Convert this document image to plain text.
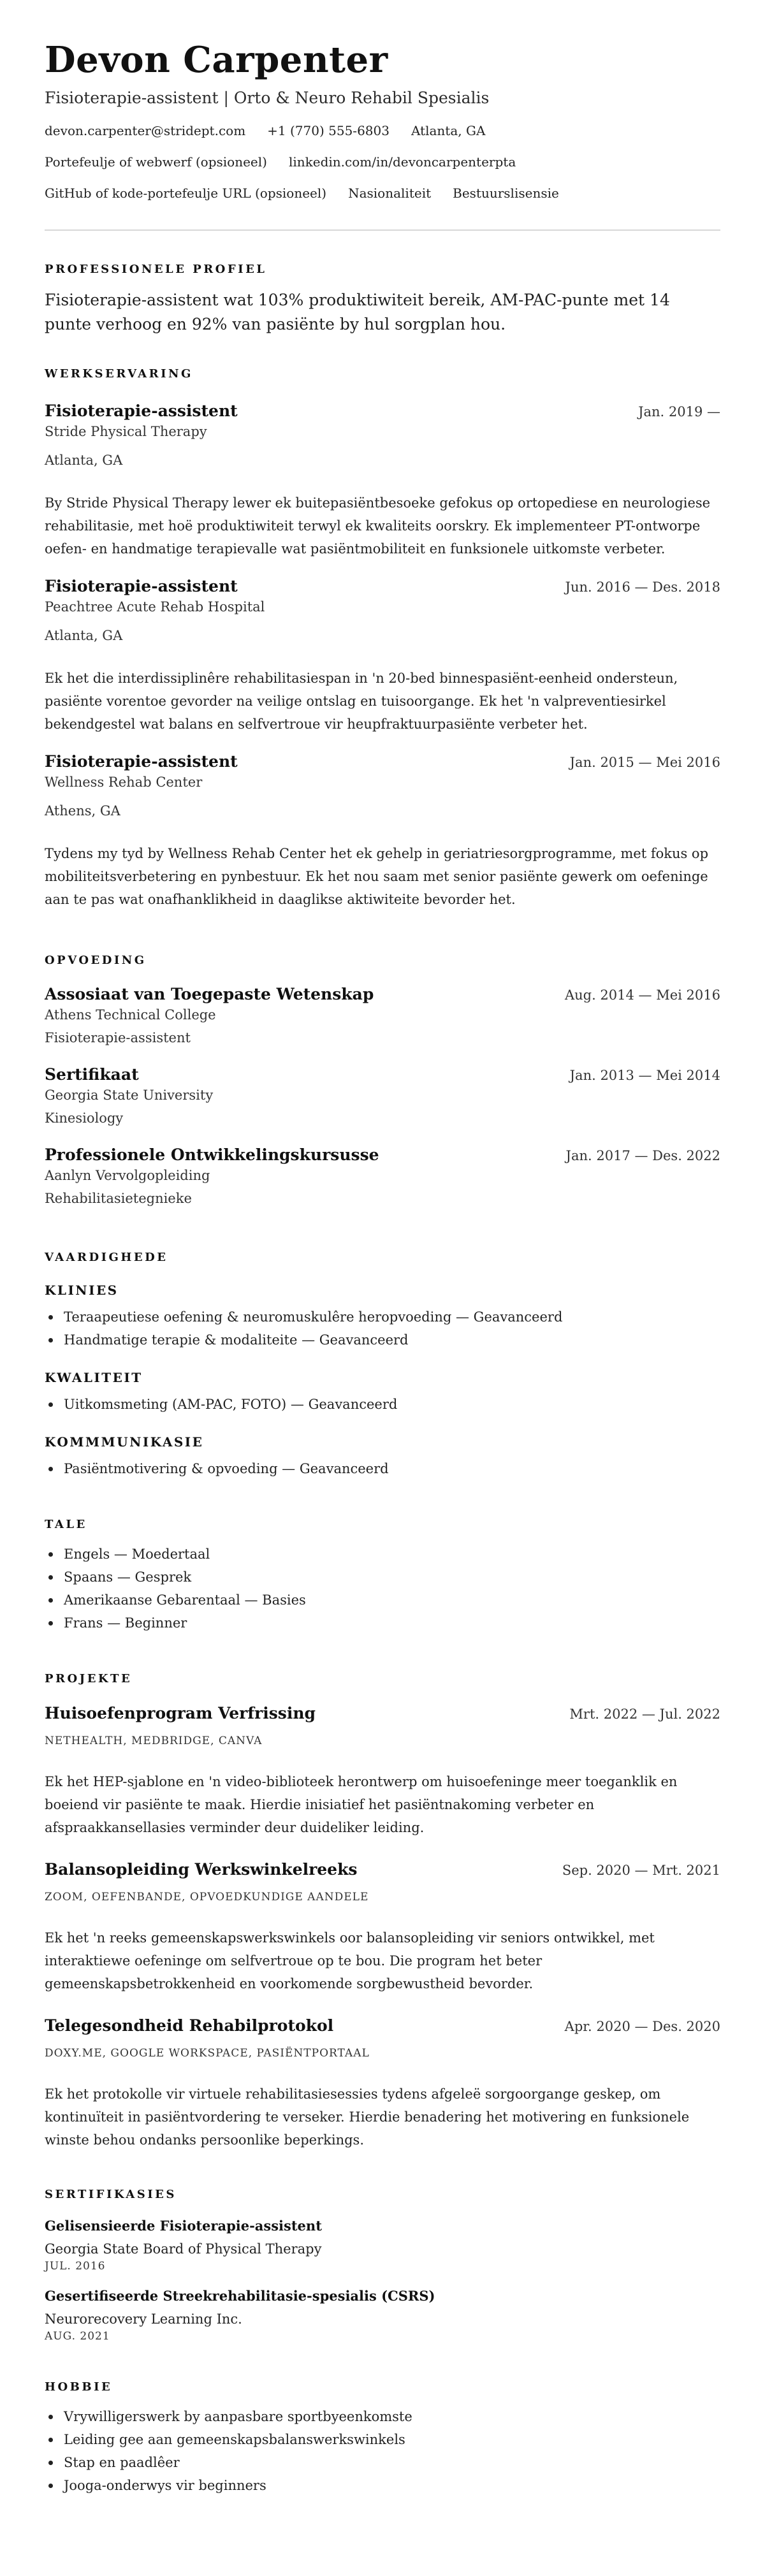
Devon Carpenter
Fisioterapie-assistent | Orto & Neuro Rehabil Spesialis
devon.carpenter@stridept.com +1 (770) 555-6803 Atlanta, GA
Portefeulje of webwerf (opsioneel) linkedin.com/in/devoncarpenterpta
GitHub of kode-portefeulje URL (opsioneel) Nasionaliteit Bestuurslisensie
PROFESSIONELE PROFIEL
Fisioterapie-assistent wat 103% produktiwiteit bereik, AM-PAC-punte met 14 punte verhoog en 92% van pasiënte by hul sorgplan hou.
WERKSERVARING
Fisioterapie-assistent	Jan. 2019 —
Stride Physical Therapy
Atlanta, GA
By Stride Physical Therapy lewer ek buitepasiëntbesoeke gefokus op ortopediese en neurologiese rehabilitasie, met hoë produktiwiteit terwyl ek kwaliteits oorskry. Ek implementeer PT-ontworpe oefen- en handmatige terapievalle wat pasiëntmobiliteit en funksionele uitkomste verbeter.
Fisioterapie-assistent	Jun. 2016 — Des. 2018
Peachtree Acute Rehab Hospital
Atlanta, GA
Ek het die interdissiplinêre rehabilitasiespan in 'n 20-bed binnespasiënt-eenheid ondersteun, pasiënte vorentoe gevorder na veilige ontslag en tuisoorgange. Ek het 'n valpreventiesirkel bekendgestel wat balans en selfvertroue vir heupfraktuurpasiënte verbeter het.
Fisioterapie-assistent	Jan. 2015 — Mei 2016
Wellness Rehab Center
Athens, GA
Tydens my tyd by Wellness Rehab Center het ek gehelp in geriatriesorgprogramme, met fokus op mobiliteitsverbetering en pynbestuur. Ek het nou saam met senior pasiënte gewerk om oefeninge aan te pas wat onafhanklikheid in daaglikse aktiwiteite bevorder het.
OPVOEDING
Assosiaat van Toegepaste Wetenskap	Aug. 2014 — Mei 2016
Athens Technical College
Fisioterapie-assistent
Sertifikaat	Jan. 2013 — Mei 2014
Georgia State University
Kinesiology
Professionele Ontwikkelingskursusse	Jan. 2017 — Des. 2022
Aanlyn Vervolgopleiding
Rehabilitasietegnieke
VAARDIGHEDE
KLINIES
Teraapeutiese oefening & neuromuskulêre heropvoeding — Geavanceerd
Handmatige terapie & modaliteite — Geavanceerd
KWALITEIT
Uitkomsmeting (AM-PAC, FOTO) — Geavanceerd
KOMMMUNIKASIE
Pasiëntmotivering & opvoeding — Geavanceerd
TALE
Engels — Moedertaal
Spaans — Gesprek
Amerikaanse Gebarentaal — Basies
Frans — Beginner
PROJEKTE
Huisoefenprogram Verfrissing	Mrt. 2022 — Jul. 2022
NETHEALTH, MEDBRIDGE, CANVA
Ek het HEP-sjablone en 'n video-biblioteek herontwerp om huisoefeninge meer toeganklik en boeiend vir pasiënte te maak. Hierdie inisiatief het pasiëntnakoming verbeter en afspraakkansellasies verminder deur duideliker leiding.
Balansopleiding Werkswinkelreeks	Sep. 2020 — Mrt. 2021
ZOOM, OEFENBANDE, OPVOEDKUNDIGE AANDELE
Ek het 'n reeks gemeenskapswerkswinkels oor balansopleiding vir seniors ontwikkel, met interaktiewe oefeninge om selfvertroue op te bou. Die program het beter gemeenskapsbetrokkenheid en voorkomende sorgbewustheid bevorder.
Telegesondheid Rehabilprotokol	Apr. 2020 — Des. 2020
DOXY.ME, GOOGLE WORKSPACE, PASIËNTPORTAAL
Ek het protokolle vir virtuele rehabilitasiesessies tydens afgeleë sorgoorgange geskep, om kontinuïteit in pasiëntvordering te verseker. Hierdie benadering het motivering en funksionele winste behou ondanks persoonlike beperkings.
SERTIFIKASIES
Gelisensieerde Fisioterapie-assistent
Georgia State Board of Physical Therapy
JUL. 2016
Gesertifiseerde Streekrehabilitasie-spesialis (CSRS)
Neurorecovery Learning Inc.
AUG. 2021
HOBBIE
Vrywilligerswerk by aanpasbare sportbyeenkomste
Leiding gee aan gemeenskapsbalanswerkswinkels
Stap en paadlêer
Jooga-onderwys vir beginners
